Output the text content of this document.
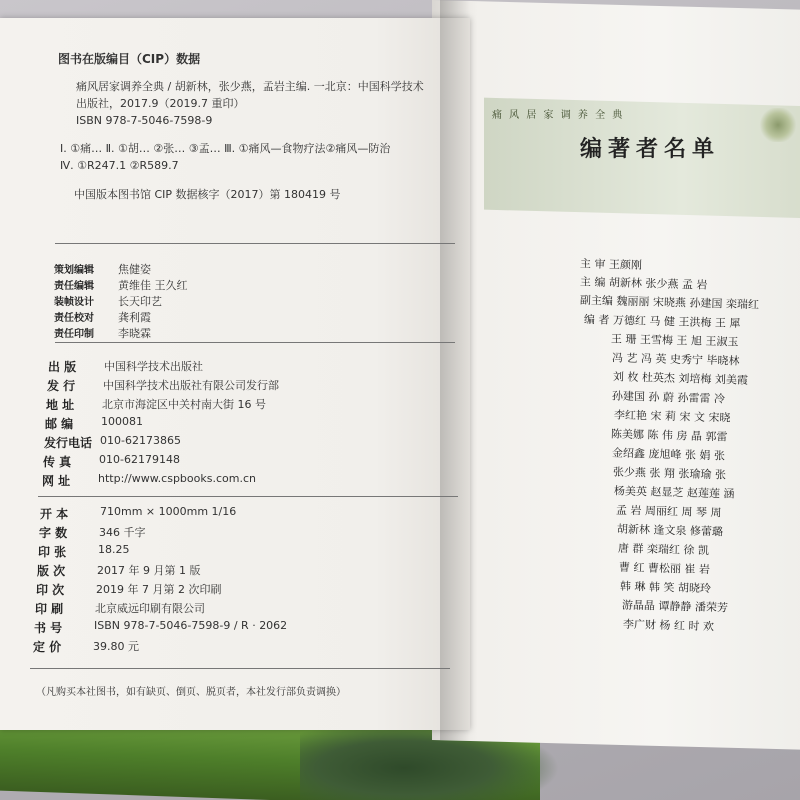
痛 风 居 家 调 养 全 典
编著者名单
主 审 王颜刚
主 编 胡新林 张少燕 孟 岩
副主编 魏丽丽 宋晓燕 孙建国 栾瑞红
编 者 万德红 马 健 王洪梅 王 犀
王 珊 王雪梅 王 旭 王淑玉
冯 艺 冯 英 史秀宁 毕晓林
刘 枚 杜英杰 刘培梅 刘美霞
孙建国 孙 蔚 孙雷雷 冷
李红艳 宋 莉 宋 文 宋晓
陈美娜 陈 伟 房 晶 郭雷
金绍鑫 庞旭峰 张 娟 张
张少燕 张 翔 张瑜瑜 张
杨美英 赵显芝 赵莲莲 涵
孟 岩 周丽红 周 琴 周
胡新林 逢文泉 修蕾璐
唐 群 栾瑞红 徐 凯
曹 红 曹松丽 崔 岩
韩 琳 韩 笑 胡晓玲
游晶晶 谭静静 潘荣芳
李广财 杨 红 时 欢
图书在版编目（CIP）数据
痛风居家调养全典 / 胡新林，张少燕，孟岩主编. 一北京：中国科学技术
出版社，2017.9（2019.7 重印）
ISBN 978-7-5046-7598-9
Ⅰ. ①痛… Ⅱ. ①胡… ②张… ③孟… Ⅲ. ①痛风—食物疗法②痛风—防治
Ⅳ. ①R247.1 ②R589.7
中国版本图书馆 CIP 数据核字（2017）第 180419 号
策划编辑 焦健姿
责任编辑 黄维佳 王久红
装帧设计 长天印艺
责任校对 龚利霞
责任印制 李晓霖
出 版	中国科学技术出版社
发 行	中国科学技术出版社有限公司发行部
地 址	北京市海淀区中关村南大街 16 号
邮 编	100081
发行电话 010-62173865
传 真	010-62179148
网 址	http://www.cspbooks.com.cn
开 本	710mm × 1000mm 1/16
字 数	346 千字
印 张	18.25
版 次	2017 年 9 月第 1 版
印 次	2019 年 7 月第 2 次印刷
印 刷	北京威远印刷有限公司
书 号	ISBN 978-7-5046-7598-9 / R · 2062
定 价	39.80 元
（凡购买本社图书，如有缺页、倒页、脱页者，本社发行部负责调换）
